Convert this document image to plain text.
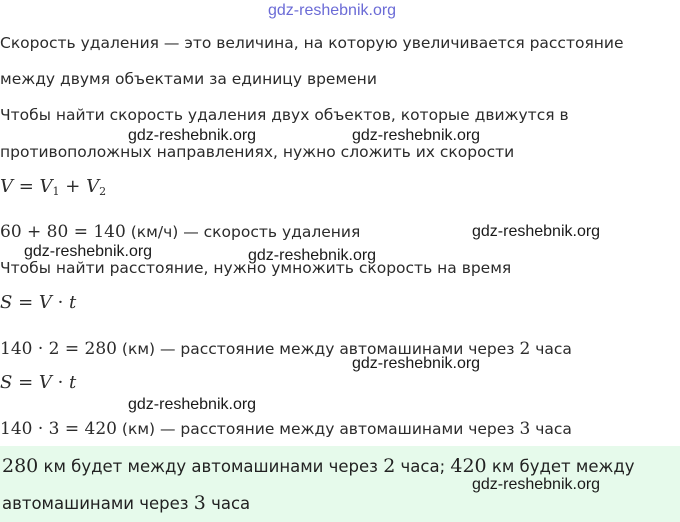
gdz-reshebnik.org
Скорость удаления — это величина, на которую увеличивается расстояние
между двумя объектами за единицу времени
Чтобы найти скорость удаления двух объектов, которые движутся в
противоположных направлениях, нужно сложить их скорости
V = V1 + V2
60 + 80 = 140 (км/ч) — скорость удаления
Чтобы найти расстояние, нужно умножить скорость на время
S = V · t
140 · 2 = 280 (км) — расстояние между автомашинами через 2 часа
S = V · t
140 · 3 = 420 (км) — расстояние между автомашинами через 3 часа
280 км будет между автомашинами через 2 часа; 420 км будет между
автомашинами через 3 часа
gdz-reshebnik.org	gdz-reshebnik.org
gdz-reshebnik.org
gdz-reshebnik.org	gdz-reshebnik.org
gdz-reshebnik.org
gdz-reshebnik.org
gdz-reshebnik.org
